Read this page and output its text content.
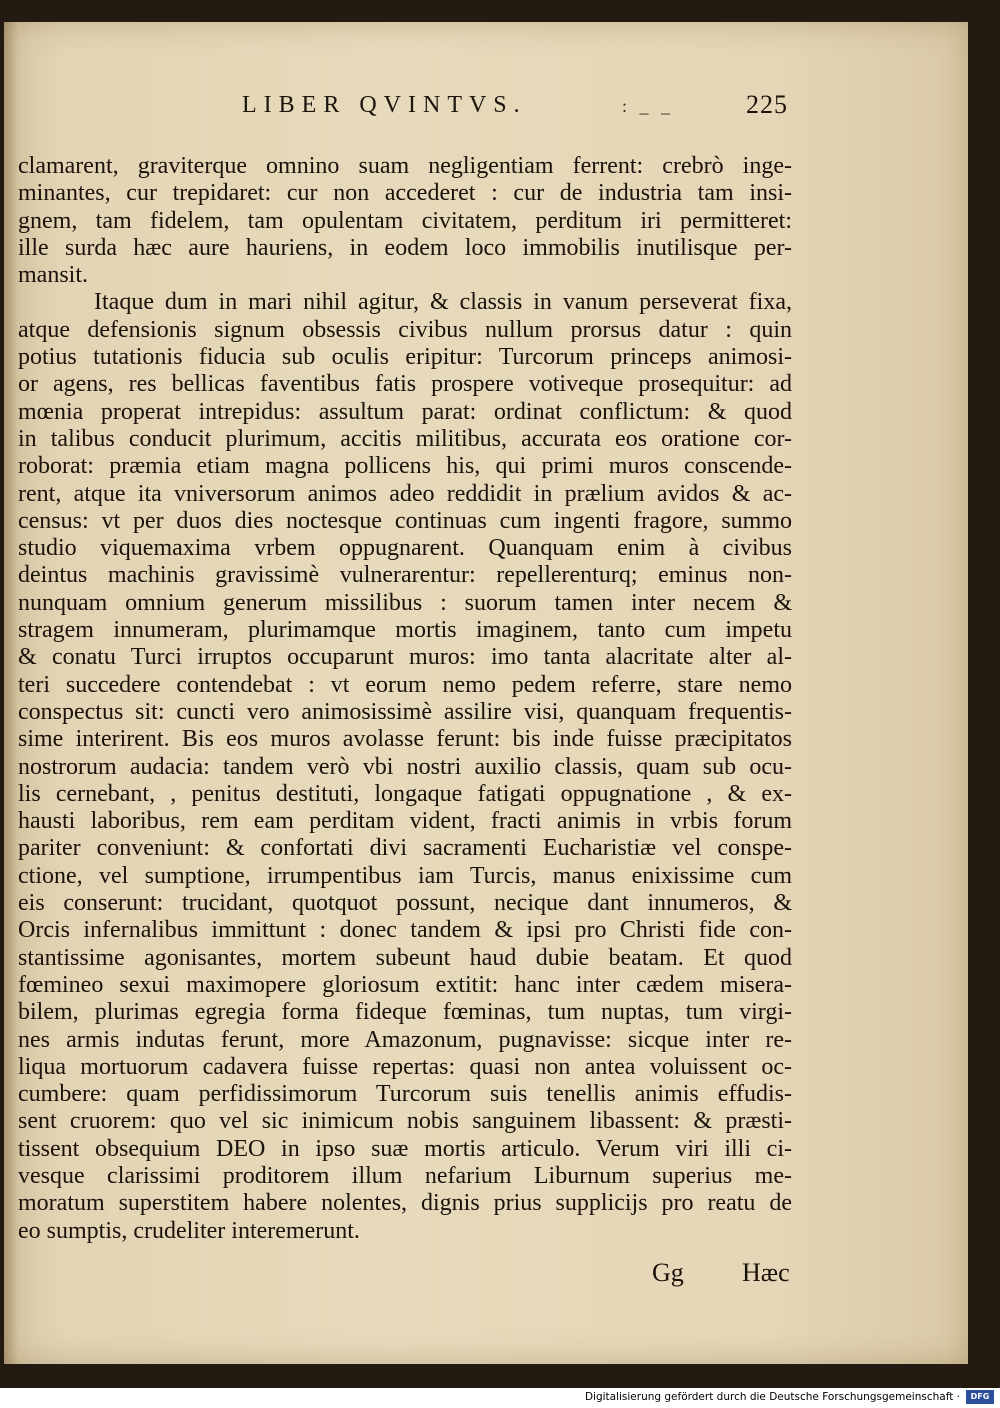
LIBER QVINTVS.	: _ _	225
clamarent, graviterque omnino suam negligentiam ferrent: crebrò inge-
minantes, cur trepidaret: cur non accederet : cur de industria tam insi-
gnem, tam fidelem, tam opulentam civitatem, perditum iri permitteret:
ille surda hæc aure hauriens, in eodem loco immobilis inutilisque per-
mansit.
Itaque dum in mari nihil agitur, & classis in vanum perseverat fixa,
atque defensionis signum obsessis civibus nullum prorsus datur : quin
potius tutationis fiducia sub oculis eripitur: Turcorum princeps animosi-
or agens, res bellicas faventibus fatis prospere votiveque prosequitur: ad
mœnia properat intrepidus: assultum parat: ordinat conflictum: & quod
in talibus conducit plurimum, accitis militibus, accurata eos oratione cor-
roborat: præmia etiam magna pollicens his, qui primi muros conscende-
rent, atque ita vniversorum animos adeo reddidit in prælium avidos & ac-
census: vt per duos dies noctesque continuas cum ingenti fragore, summo
studio viquemaxima vrbem oppugnarent. Quanquam enim à civibus
deintus machinis gravissimè vulnerarentur: repellerenturq; eminus non-
nunquam omnium generum missilibus : suorum tamen inter necem &
stragem innumeram, plurimamque mortis imaginem, tanto cum impetu
& conatu Turci irruptos occuparunt muros: imo tanta alacritate alter al-
teri succedere contendebat : vt eorum nemo pedem referre, stare nemo
conspectus sit: cuncti vero animosissimè assilire visi, quanquam frequentis-
sime interirent. Bis eos muros avolasse ferunt: bis inde fuisse præcipitatos
nostrorum audacia: tandem verò vbi nostri auxilio classis, quam sub ocu-
lis cernebant, , penitus destituti, longaque fatigati oppugnatione , & ex-
hausti laboribus, rem eam perditam vident, fracti animis in vrbis forum
pariter conveniunt: & confortati divi sacramenti Eucharistiæ vel conspe-
ctione, vel sumptione, irrumpentibus iam Turcis, manus enixissime cum
eis conserunt: trucidant, quotquot possunt, necique dant innumeros, &
Orcis infernalibus immittunt : donec tandem & ipsi pro Christi fide con-
stantissime agonisantes, mortem subeunt haud dubie beatam. Et quod
fœmineo sexui maximopere gloriosum extitit: hanc inter cædem misera-
bilem, plurimas egregia forma fideque fœminas, tum nuptas, tum virgi-
nes armis indutas ferunt, more Amazonum, pugnavisse: sicque inter re-
liqua mortuorum cadavera fuisse repertas: quasi non antea voluissent oc-
cumbere: quam perfidissimorum Turcorum suis tenellis animis effudis-
sent cruorem: quo vel sic inimicum nobis sanguinem libassent: & præsti-
tissent obsequium DEO in ipso suæ mortis articulo. Verum viri illi ci-
vesque clarissimi proditorem illum nefarium Liburnum superius me-
moratum superstitem habere nolentes, dignis prius supplicijs pro reatu de
eo sumptis, crudeliter interemerunt.
Gg Hæc
Digitalisierung gefördert durch die Deutsche Forschungsgemeinschaft ·	DFG
